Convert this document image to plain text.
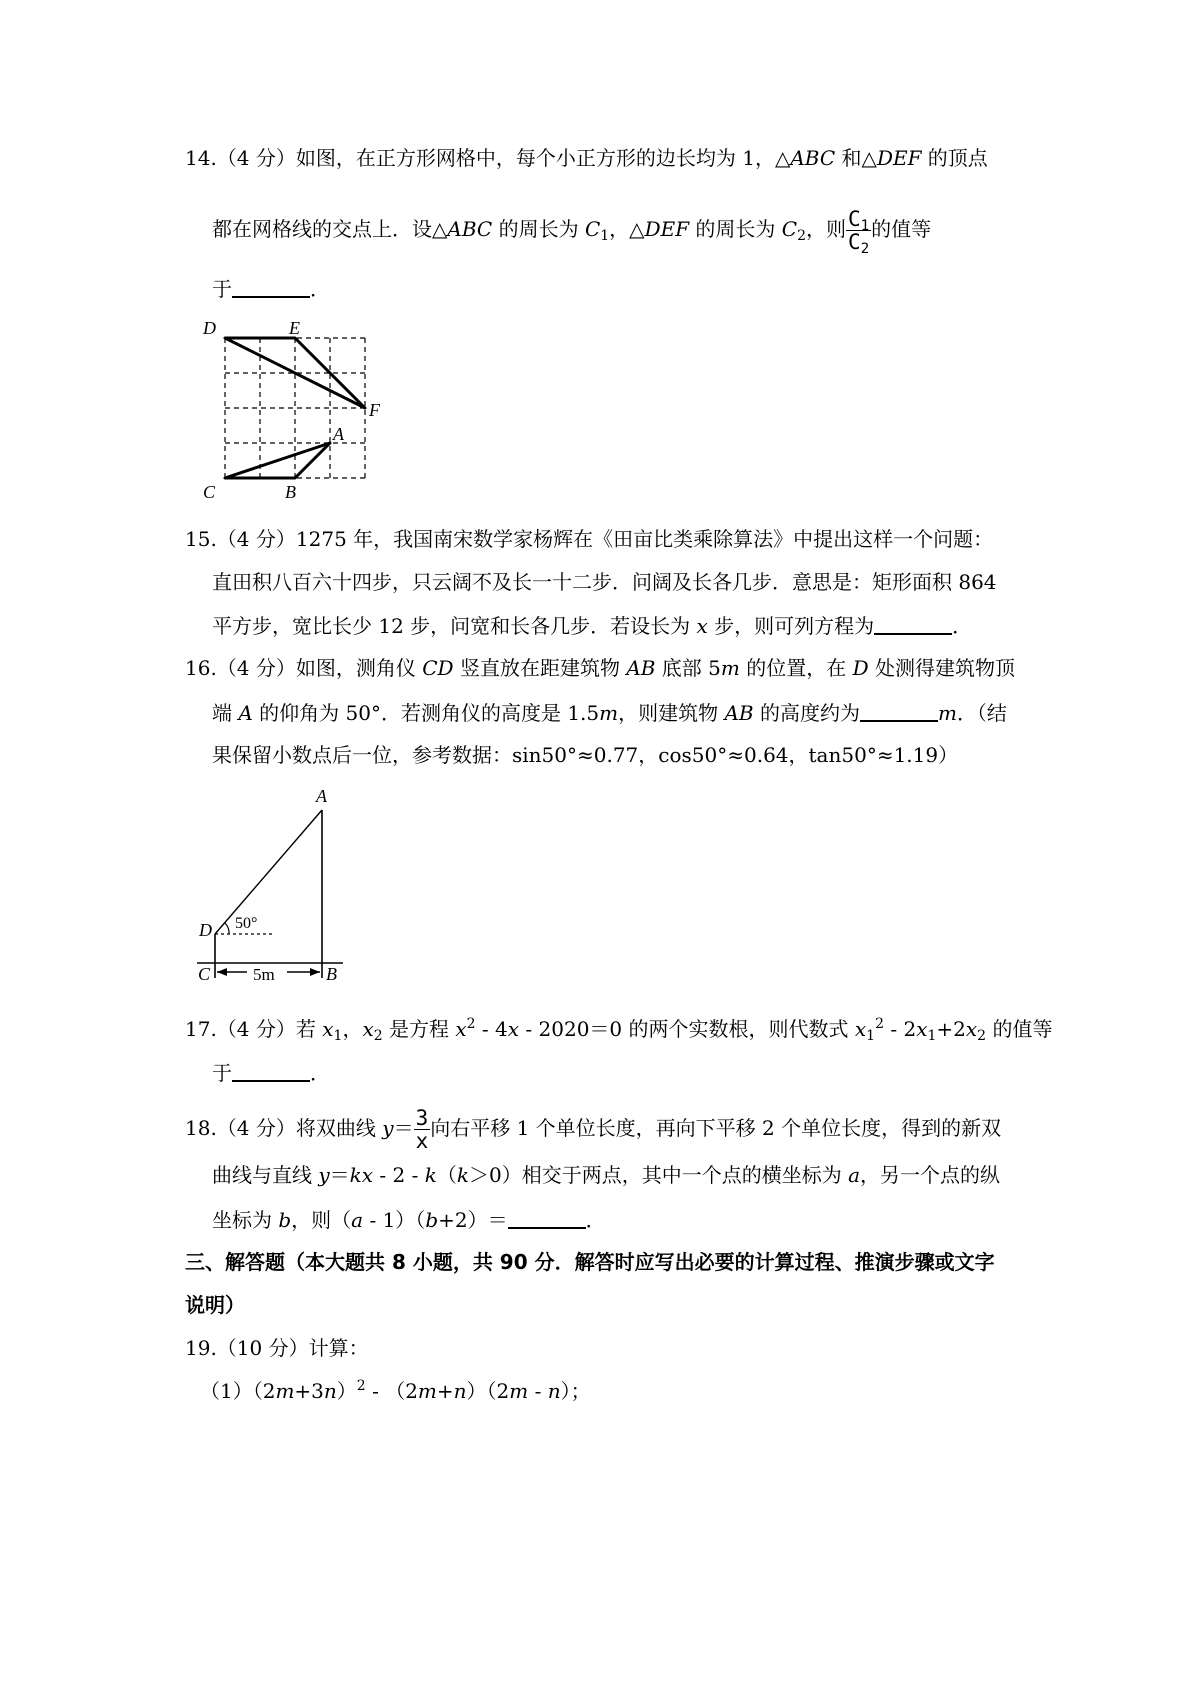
14.（4 分）如图，在正方形网格中，每个小正方形的边长均为 1，△ABC 和△DEF 的顶点
都在网格线的交点上．设△ABC 的周长为 $C_1$，△DEF 的周长为 $C_2$，则 $\frac{C_1}{C_2}$ 的值等
于	．
D	E
F
A
C	B
15.（4 分）1275 年，我国南宋数学家杨辉在《田亩比类乘除算法》中提出这样一个问题：
直田积八百六十四步，只云阔不及长一十二步．问阔及长各几步．意思是：矩形面积 864
平方步，宽比长少 12 步，问宽和长各几步．若设长为 x 步，则可列方程为	．
16.（4 分）如图，测角仪 CD 竖直放在距建筑物 AB 底部 5m 的位置，在 D 处测得建筑物顶
端 A 的仰角为 50°．若测角仪的高度是 1.5m，则建筑物 AB 的高度约为	m．（结
果保留小数点后一位，参考数据：sin50°≈0.77，cos50°≈0.64，tan50°≈1.19）
A
D 50°
C	5m	B
17.（4 分）若 $x_1$，$x_2$ 是方程 $x^2 - 4x - 2020=0$ 的两个实数根，则代数式 $x_1^2 - 2x_1+2x_2$ 的值等
于	．
18.（4 分）将双曲线 $y= \frac{3}{x}$ 向右平移 1 个单位长度，再向下平移 2 个单位长度，得到的新双
曲线与直线 y＝kx - 2 - k（k＞0）相交于两点，其中一个点的横坐标为 a，另一个点的纵
坐标为 b，则（a - 1）（b+2）＝	．
三、解答题（本大题共 8 小题，共 90 分．解答时应写出必要的计算过程、推演步骤或文字
说明）
19.（10 分）计算：
$(1)(2m+3n)^2 - (2m+n)(2m - n)$；
